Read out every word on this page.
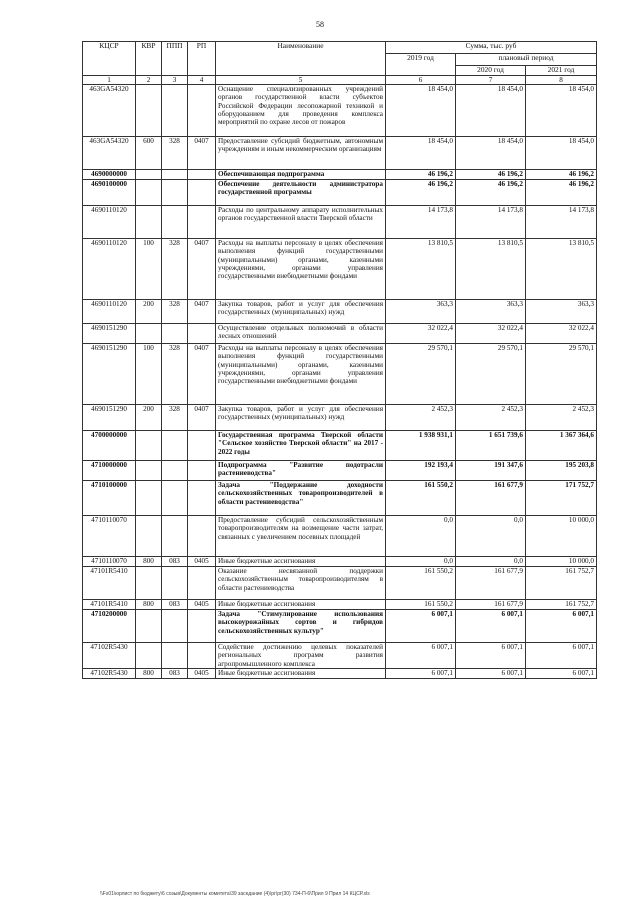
58
КЦСР	КВР	ППП	РП	Наименование	Сумма, тыс. руб		
					2019 год	плановый период	
						2020 год	2021 год
1	2	3	4	5	6	7	8
463GA54320				Оснащение специализированных учреждений органов государственной власти субъектов Российской Федерации лесопожарной техникой и оборудованием для проведения комплекса мероприятий по охране лесов от пожаров	18 454,0	18 454,0	18 454,0
463GA54320	600	328	0407	Предоставление субсидий бюджетным, автономным учреждениям и иным некоммерческим организациям	18 454,0	18 454,0	18 454,0
4690000000				Обеспечивающая подпрограмма	46 196,2	46 196,2	46 196,2
4690100000				Обеспечение деятельности администратора государственной программы	46 196,2	46 196,2	46 196,2
4690110120				Расходы по центральному аппарату исполнительных органов государственной власти Тверской области	14 173,8	14 173,8	14 173,8
4690110120	100	328	0407	Расходы на выплаты персоналу в целях обеспечения выполнения функций государственными (муниципальными) органами, казенными учреждениями, органами управления государственными внебюджетными фондами	13 810,5	13 810,5	13 810,5
4690110120	200	328	0407	Закупка товаров, работ и услуг для обеспечения государственных (муниципальных) нужд	363,3	363,3	363,3
4690151290				Осуществление отдельных полномочий в области лесных отношений	32 022,4	32 022,4	32 022,4
4690151290	100	328	0407	Расходы на выплаты персоналу в целях обеспечения выполнения функций государственными (муниципальными) органами, казенными учреждениями, органами управления государственными внебюджетными фондами	29 570,1	29 570,1	29 570,1
4690151290	200	328	0407	Закупка товаров, работ и услуг для обеспечения государственных (муниципальных) нужд	2 452,3	2 452,3	2 452,3
4700000000				Государственная программа Тверской области "Сельское хозяйство Тверской области" на 2017 - 2022 годы	1 938 931,1	1 651 739,6	1 367 364,6
4710000000				Подпрограмма "Развитие подотрасли растениеводства"	192 193,4	191 347,6	195 203,8
4710100000				Задача "Поддержание доходности сельскохозяйственных товаропроизводителей в области растениеводства"	161 550,2	161 677,9	171 752,7
4710110070				Предоставление субсидий сельскохозяйственным товаропроизводителям на возмещение части затрат, связанных с увеличением посевных площадей	0,0	0,0	10 000,0
4710110070	800	083	0405	Иные бюджетные ассигнования	0,0	0,0	10 000,0
47101R5410				Оказание несвязанной поддержки сельскохозяйственным товаропроизводителям в области растениеводства	161 550,2	161 677,9	161 752,7
47101R5410	800	083	0405	Иные бюджетные ассигнования	161 550,2	161 677,9	161 752,7
4710200000				Задача "Стимулирование использования высокоурожайных сортов и гибридов сельскохозяйственных культур"	6 007,1	6 007,1	6 007,1
47102R5430				Содействие достижению целевых показателей региональных программ развития агропромышленного комплекса	6 007,1	6 007,1	6 007,1
47102R5430	800	083	0405	Иные бюджетные ассигнования	6 007,1	6 007,1	6 007,1
\\Fs01\юрлист по бюджету\6 созыв\Документы комитета\39 заседание (4)\рг\рг(30) 734-П-6\Прил 9 Прил 14 КЦСР.xls
